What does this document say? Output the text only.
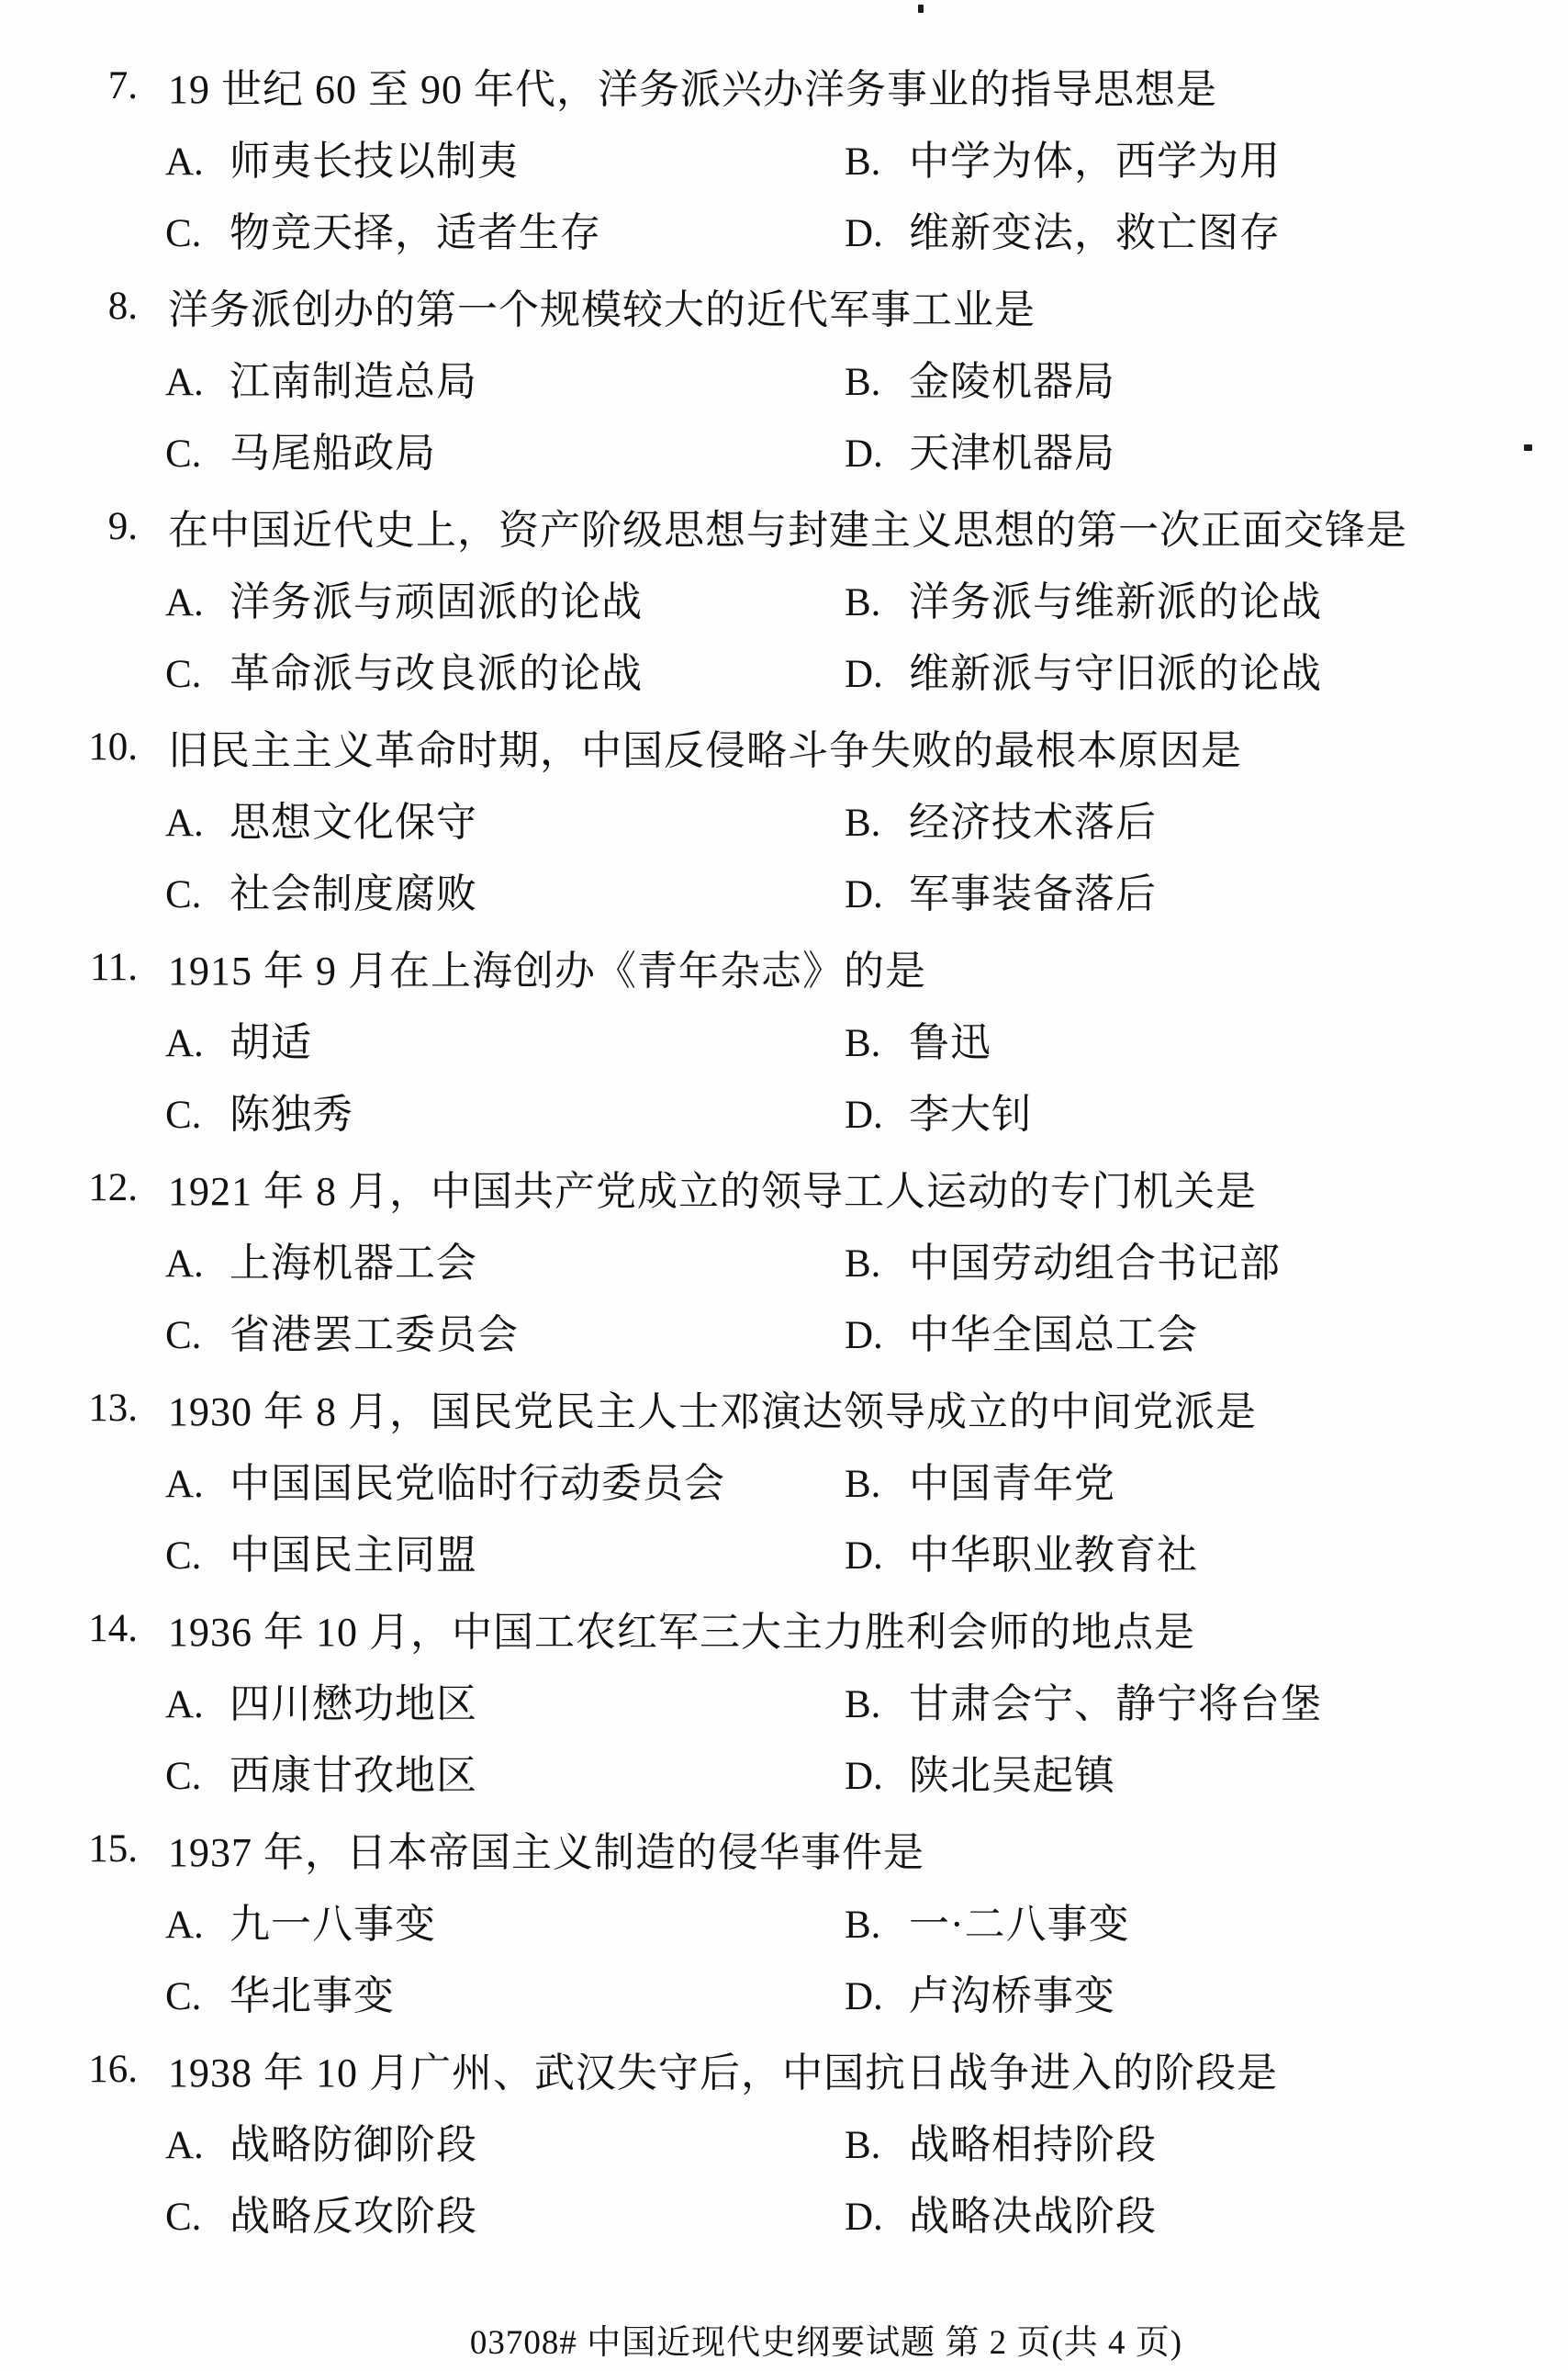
7. 19 世纪 60 至 90 年代，洋务派兴办洋务事业的指导思想是
A. 师夷长技以制夷	B. 中学为体，西学为用
C. 物竞天择，适者生存	D. 维新变法，救亡图存
8. 洋务派创办的第一个规模较大的近代军事工业是
A. 江南制造总局	B. 金陵机器局
C. 马尾船政局	D. 天津机器局
9. 在中国近代史上，资产阶级思想与封建主义思想的第一次正面交锋是
A. 洋务派与顽固派的论战	B. 洋务派与维新派的论战
C. 革命派与改良派的论战	D. 维新派与守旧派的论战
10. 旧民主主义革命时期，中国反侵略斗争失败的最根本原因是
A. 思想文化保守	B. 经济技术落后
C. 社会制度腐败	D. 军事装备落后
11. 1915 年 9 月在上海创办《青年杂志》的是
A. 胡适	B. 鲁迅
C. 陈独秀	D. 李大钊
12. 1921 年 8 月，中国共产党成立的领导工人运动的专门机关是
A. 上海机器工会	B. 中国劳动组合书记部
C. 省港罢工委员会	D. 中华全国总工会
13. 1930 年 8 月，国民党民主人士邓演达领导成立的中间党派是
A. 中国国民党临时行动委员会	B. 中国青年党
C. 中国民主同盟	D. 中华职业教育社
14. 1936 年 10 月，中国工农红军三大主力胜利会师的地点是
A. 四川懋功地区	B. 甘肃会宁、静宁将台堡
C. 西康甘孜地区	D. 陕北吴起镇
15. 1937 年，日本帝国主义制造的侵华事件是
A. 九一八事变	B. 一·二八事变
C. 华北事变	D. 卢沟桥事变
16. 1938 年 10 月广州、武汉失守后，中国抗日战争进入的阶段是
A. 战略防御阶段	B. 战略相持阶段
C. 战略反攻阶段	D. 战略决战阶段
03708# 中国近现代史纲要试题 第 2 页(共 4 页)
